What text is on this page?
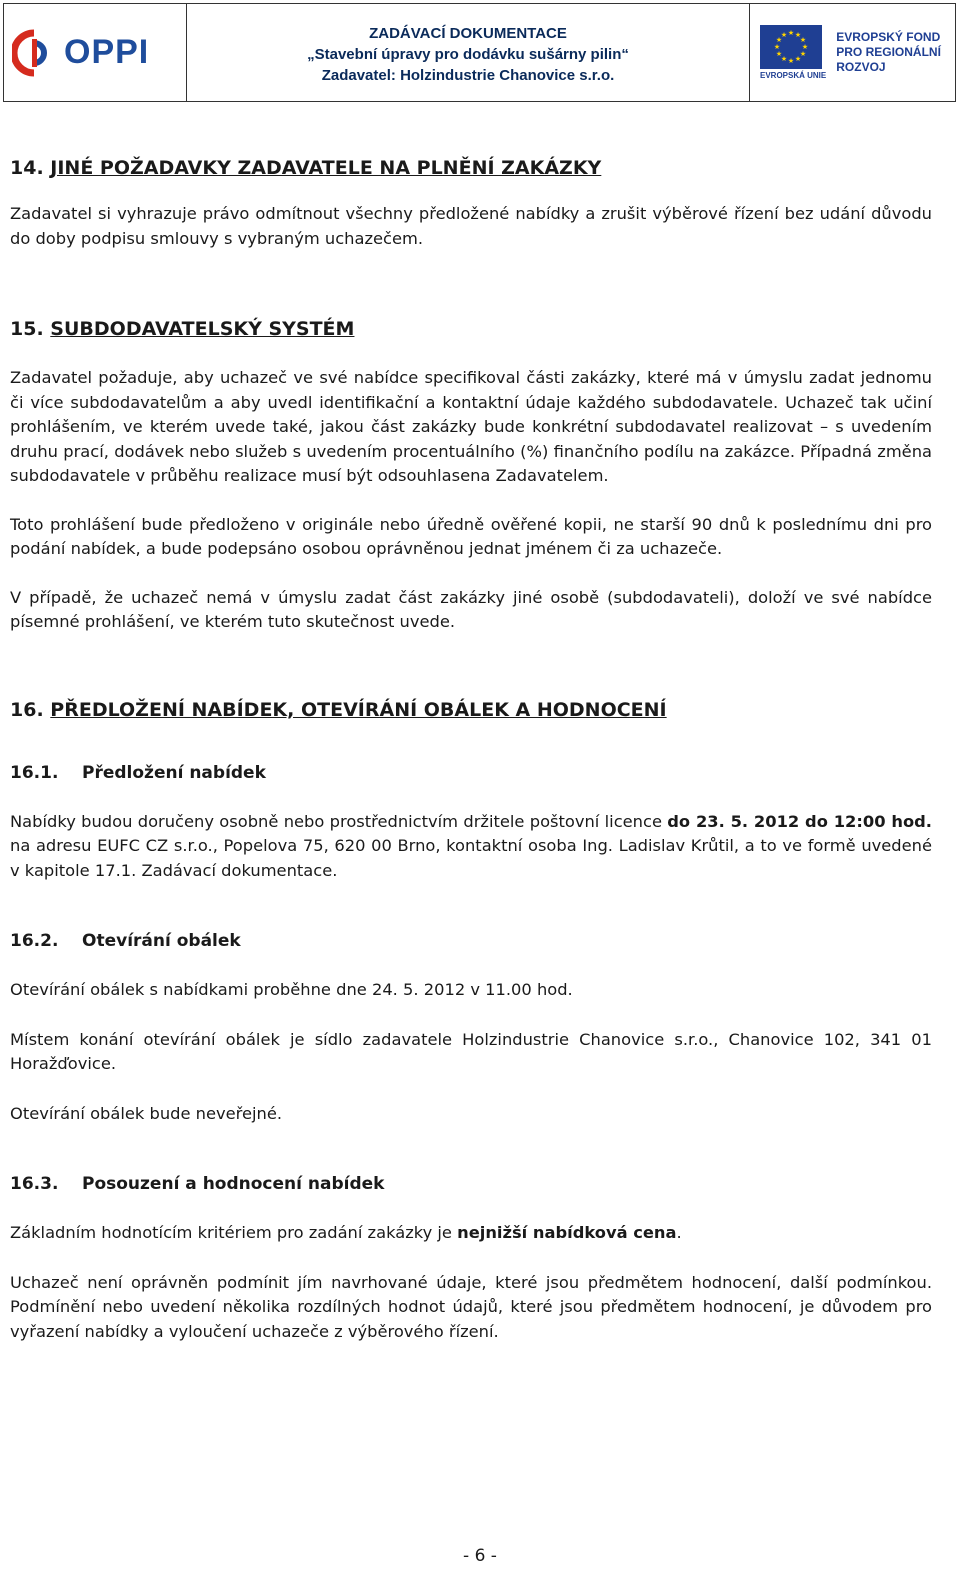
OPPI	ZADÁVACÍ DOKUMENTACE
„Stavební úpravy pro dodávku sušárny pilin“
Zadavatel: Holzindustrie Chanovice s.r.o.
★ ★
★
★
★
★
★
★
★
★
★
★
EVROPSKÁ UNIE
EVROPSKÝ FOND
PRO REGIONÁLNÍ
ROZVOJ
14. JINÉ POŽADAVKY ZADAVATELE NA PLNĚNÍ ZAKÁZKY

Zadavatel si vyhrazuje právo odmítnout všechny předložené nabídky a zrušit výběrové řízení bez udání důvodu do doby podpisu smlouvy s vybraným uchazečem.

15. SUBDODAVATELSKÝ SYSTÉM

Zadavatel požaduje, aby uchazeč ve své nabídce specifikoval části zakázky, které má v úmyslu zadat jednomu či více subdodavatelům a aby uvedl identifikační a kontaktní údaje každého subdodavatele. Uchazeč tak učiní prohlášením, ve kterém uvede také, jakou část zakázky bude konkrétní subdodavatel realizovat – s uvedením druhu prací, dodávek nebo služeb s uvedením procentuálního (%) finančního podílu na zakázce. Případná změna subdodavatele v průběhu realizace musí být odsouhlasena Zadavatelem.

Toto prohlášení bude předloženo v originále nebo úředně ověřené kopii, ne starší 90 dnů k poslednímu dni pro podání nabídek, a bude podepsáno osobou oprávněnou jednat jménem či za uchazeče.

V případě, že uchazeč nemá v úmyslu zadat část zakázky jiné osobě (subdodavateli), doloží ve své nabídce písemné prohlášení, ve kterém tuto skutečnost uvede.

16. PŘEDLOŽENÍ NABÍDEK, OTEVÍRÁNÍ OBÁLEK A HODNOCENÍ
16.1. Předložení nabídek

Nabídky budou doručeny osobně nebo prostřednictvím držitele poštovní licence do 23. 5. 2012 do 12:00 hod. na adresu EUFC CZ s.r.o., Popelova 75, 620 00 Brno, kontaktní osoba Ing. Ladislav Krůtil, a to ve formě uvedené v kapitole 17.1. Zadávací dokumentace.

16.2. Otevírání obálek

Otevírání obálek s nabídkami proběhne dne 24. 5. 2012 v 11.00 hod.

Místem konání otevírání obálek je sídlo zadavatele Holzindustrie Chanovice s.r.o., Chanovice 102, 341 01 Horažďovice.

Otevírání obálek bude neveřejné.

16.3. Posouzení a hodnocení nabídek

Základním hodnotícím kritériem pro zadání zakázky je nejnižší nabídková cena.

Uchazeč není oprávněn podmínit jím navrhované údaje, které jsou předmětem hodnocení, další podmínkou. Podmínění nebo uvedení několika rozdílných hodnot údajů, které jsou předmětem hodnocení, je důvodem pro vyřazení nabídky a vyloučení uchazeče z výběrového řízení.

- 6 -
